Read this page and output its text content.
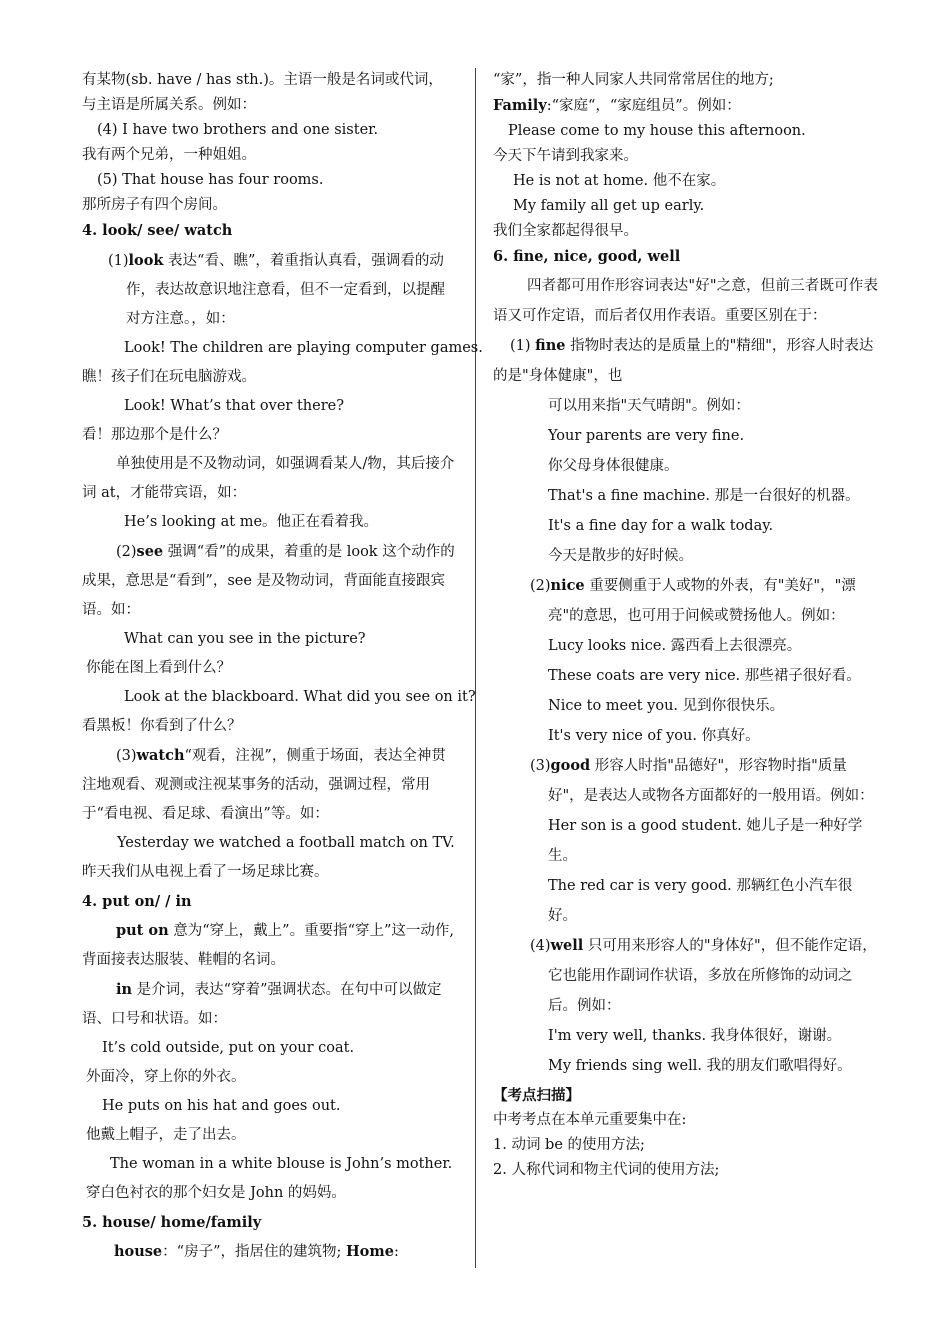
有某物(sb. have / has sth.)。主语一般是名词或代词，

与主语是所属关系。例如：

(4) I have two brothers and one sister.

我有两个兄弟，一种姐姐。

(5) That house has four rooms.

那所房子有四个房间。

4. look/ see/ watch

(1)look 表达“看、瞧”，着重指认真看，强调看的动作，表达故意识地注意看，但不一定看到，以提醒对方注意。，如：

Look! The children are playing computer games.

瞧！孩子们在玩电脑游戏。

Look! What’s that over there?

看！那边那个是什么？

单独使用是不及物动词，如强调看某人/物，其后接介词 at，才能带宾语，如：

He’s looking at me。他正在看着我。

(2)see 强调“看”的成果，着重的是 look 这个动作的成果，意思是“看到”，see 是及物动词，背面能直接跟宾语。如：

What can you see in the picture?

你能在图上看到什么？

Look at the blackboard. What did you see on it?

看黑板！你看到了什么？

(3)watch“观看，注视”，侧重于场面，表达全神贯注地观看、观测或注视某事务的活动，强调过程，常用于“看电视、看足球、看演出”等。如：

Yesterday we watched a football match on TV.

昨天我们从电视上看了一场足球比赛。

4. put on/ / in

put on 意为“穿上，戴上”。重要指“穿上”这一动作, 背面接表达服装、鞋帽的名词。

in 是介词，表达“穿着”强调状态。在句中可以做定语、口号和状语。如：

It’s cold outside, put on your coat.

外面冷，穿上你的外衣。

He puts on his hat and goes out.

他戴上帽子，走了出去。

The woman in a white blouse is John’s mother.

穿白色衬衣的那个妇女是 John 的妈妈。

5. house/ home/family

house：“房子”，指居住的建筑物; Home:

“家”，指一种人同家人共同常常居住的地方;

Family:“家庭“，“家庭组员”。例如：

Please come to my house this afternoon.

今天下午请到我家来。

He is not at home. 他不在家。

My family all get up early.

我们全家都起得很早。

6. fine, nice, good, well

四者都可用作形容词表达"好"之意，但前三者既可作表语又可作定语，而后者仅用作表语。重要区别在于：

(1) fine 指物时表达的是质量上的"精细"，形容人时表达的是"身体健康"，也

可以用来指"天气晴朗"。例如：

Your parents are very fine.

你父母身体很健康。

That's a fine machine. 那是一台很好的机器。

It's a fine day for a walk today.

今天是散步的好时候。

(2)nice 重要侧重于人或物的外表，有"美好"，"漂亮"的意思，也可用于问候或赞扬他人。例如：

Lucy looks nice. 露西看上去很漂亮。

These coats are very nice. 那些裙子很好看。

Nice to meet you. 见到你很快乐。

It's very nice of you. 你真好。

(3)good 形容人时指"品德好"，形容物时指"质量好"，是表达人或物各方面都好的一般用语。例如：

Her son is a good student. 她儿子是一种好学生。

The red car is very good. 那辆红色小汽车很好。

(4)well 只可用来形容人的"身体好"，但不能作定语，它也能用作副词作状语，多放在所修饰的动词之后。例如：

I'm very well, thanks. 我身体很好，谢谢。

My friends sing well. 我的朋友们歌唱得好。

【考点扫描】

中考考点在本单元重要集中在:

1. 动词 be 的使用方法;

2. 人称代词和物主代词的使用方法;
